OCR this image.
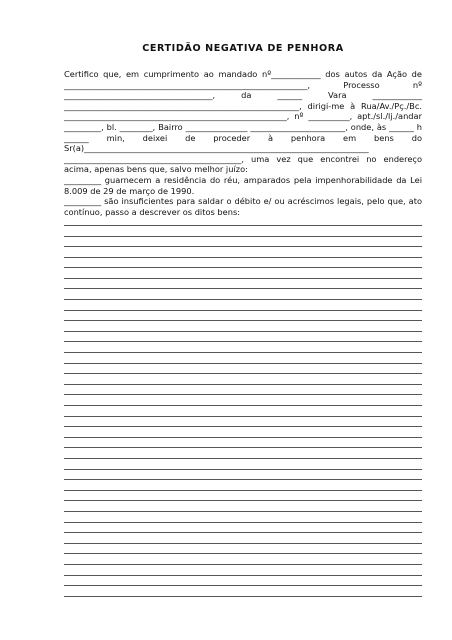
CERTIDÃO NEGATIVA DE PENHORA

Certifico que, em cumprimento ao mandado nº____________ dos autos da Ação de ___________________________________________________________, Processo nº ____________________________________, da ______ Vara ____________ _________________________________________________________, dirigi-me à Rua/Av./Pç./Bc. ______________________________________________________, nº __________, apt./sl./lj./andar _________, bl. ________, Bairro _______________ _______________________, onde, às ______ h ______ min, deixei de proceder à penhora em bens do Sr(a)_____________________________________________________________________ ___________________________________________, uma vez que encontrei no endereço acima, apenas bens que, salvo melhor juízo:

_________ guarnecem a residência do réu, amparados pela impenhorabilidade da Lei 8.009 de 29 de março de 1990.

_________ são insuficientes para saldar o débito e/ ou acréscimos legais, pelo que, ato contínuo, passo a descrever os ditos bens:
